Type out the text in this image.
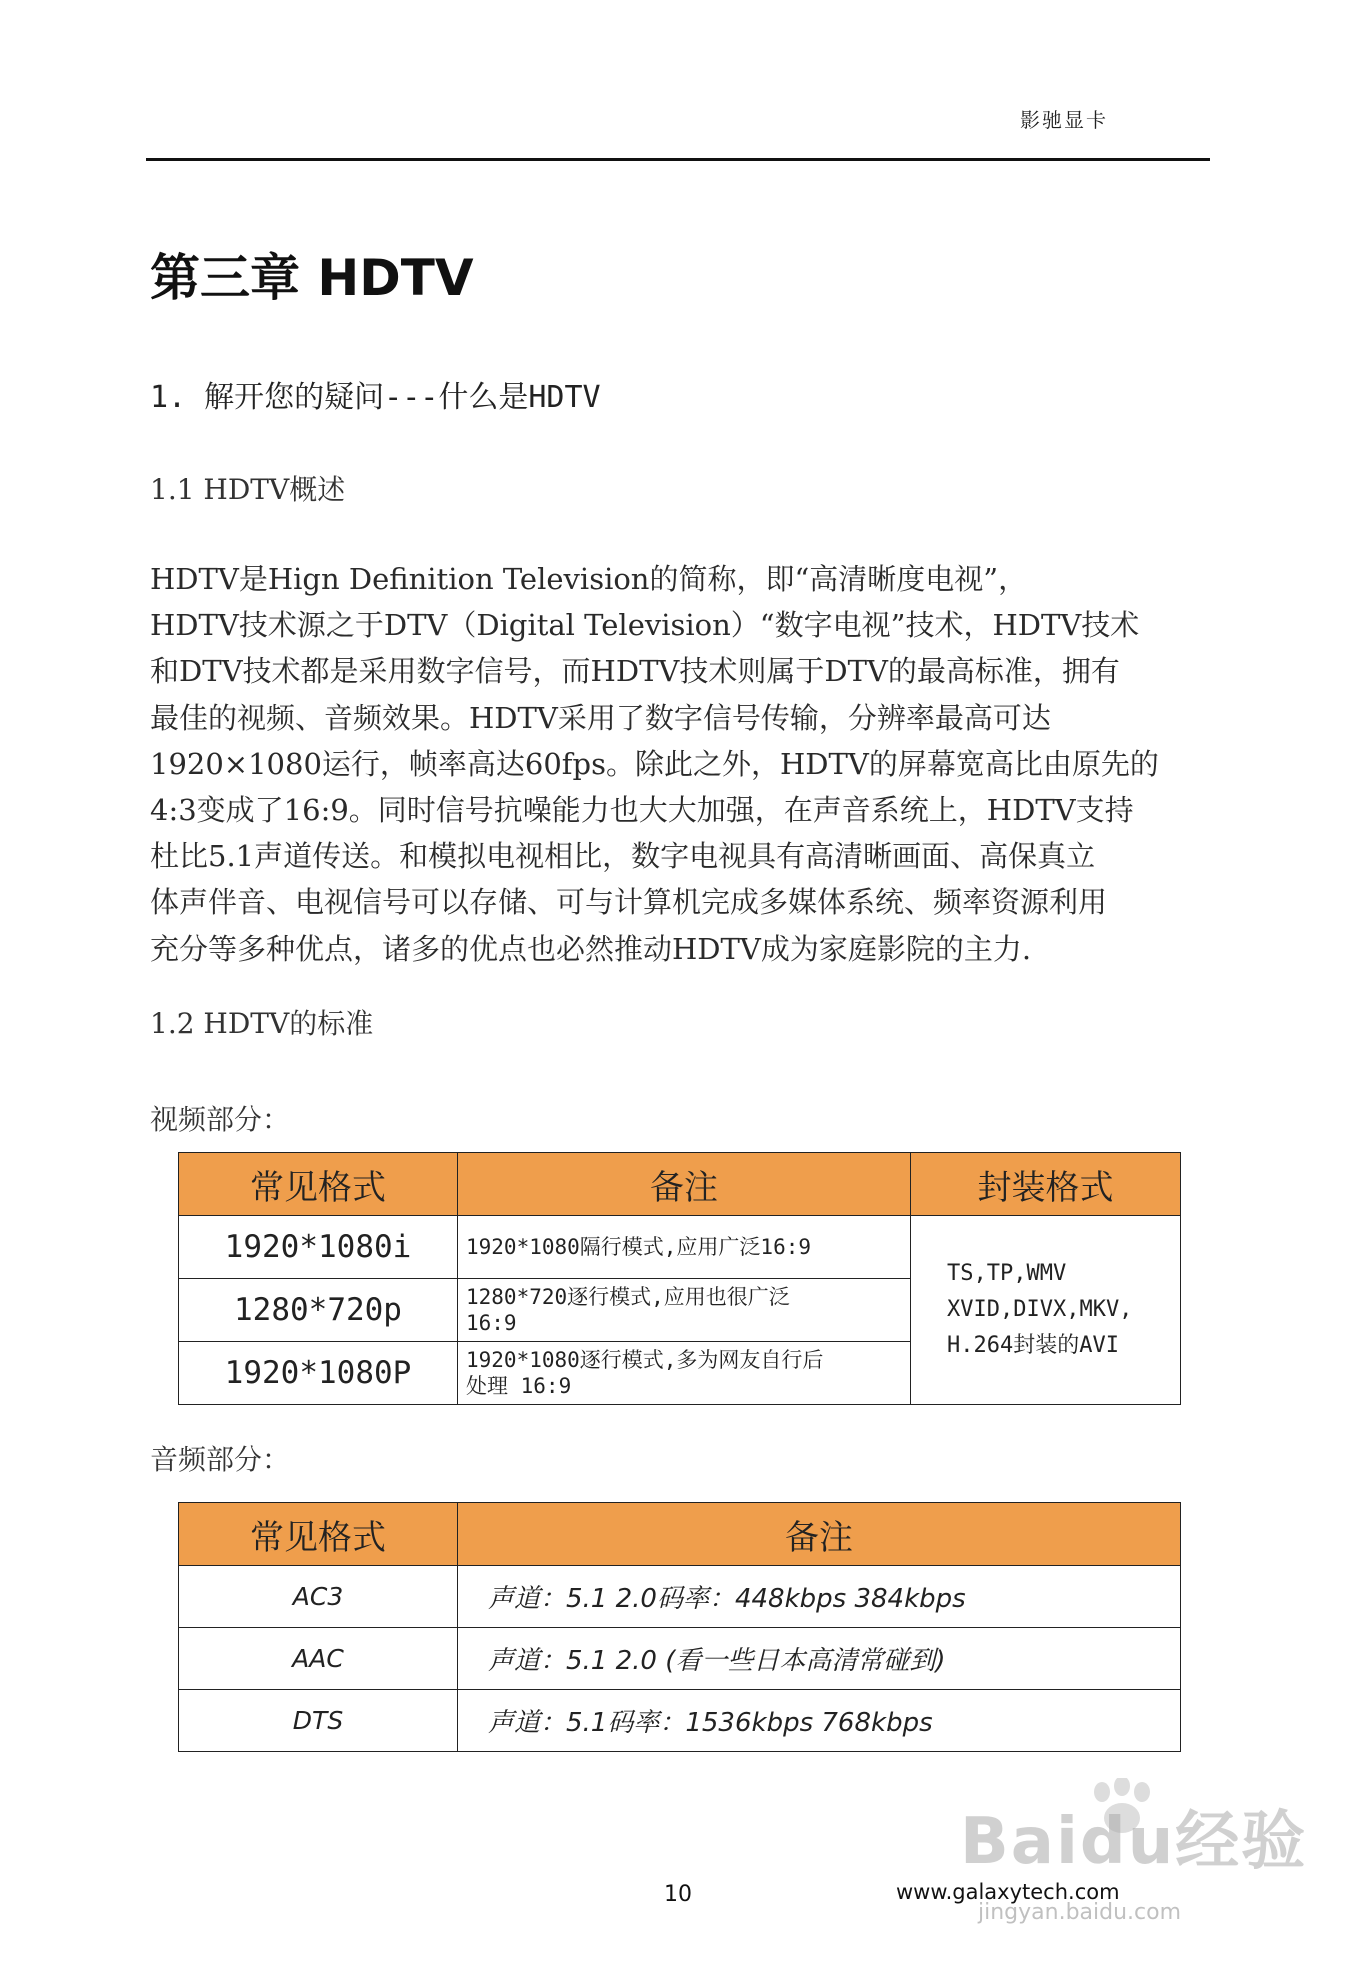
影驰显卡
第三章 HDTV
1. 解开您的疑问---什么是HDTV
1.1 HDTV概述
HDTV是Hign Definition Television的简称，即“高清晰度电视”，
HDTV技术源之于DTV（Digital Television）“数字电视”技术，HDTV技术
和DTV技术都是采用数字信号，而HDTV技术则属于DTV的最高标准，拥有
最佳的视频、音频效果。HDTV采用了数字信号传输，分辨率最高可达
1920×1080运行，帧率高达60fps。除此之外，HDTV的屏幕宽高比由原先的
4:3变成了16:9。同时信号抗噪能力也大大加强，在声音系统上，HDTV支持
杜比5.1声道传送。和模拟电视相比，数字电视具有高清晰画面、高保真立
体声伴音、电视信号可以存储、可与计算机完成多媒体系统、频率资源利用
充分等多种优点，诸多的优点也必然推动HDTV成为家庭影院的主力.
1.2 HDTV的标准
视频部分：
常见格式	备注	封装格式
1920*1080i	1920*1080隔行模式,应用广泛16:9	TS,TP,WMV
XVID,DIVX,MKV,
H.264封装的AVI

1280*720p	1280*720逐行模式,应用也很广泛
16:9	

1920*1080P	1920*1080逐行模式,多为网友自行后
处理 16:9	
音频部分：
常见格式	备注
AC3	声道：5.1 2.0码率：448kbps 384kbps
AAC	声道：5.1 2.0 (看一些日本高清常碰到)
DTS	声道：5.1码率：1536kbps 768kbps
Baidu经验
jingyan.baidu.com
10	www.galaxytech.com
